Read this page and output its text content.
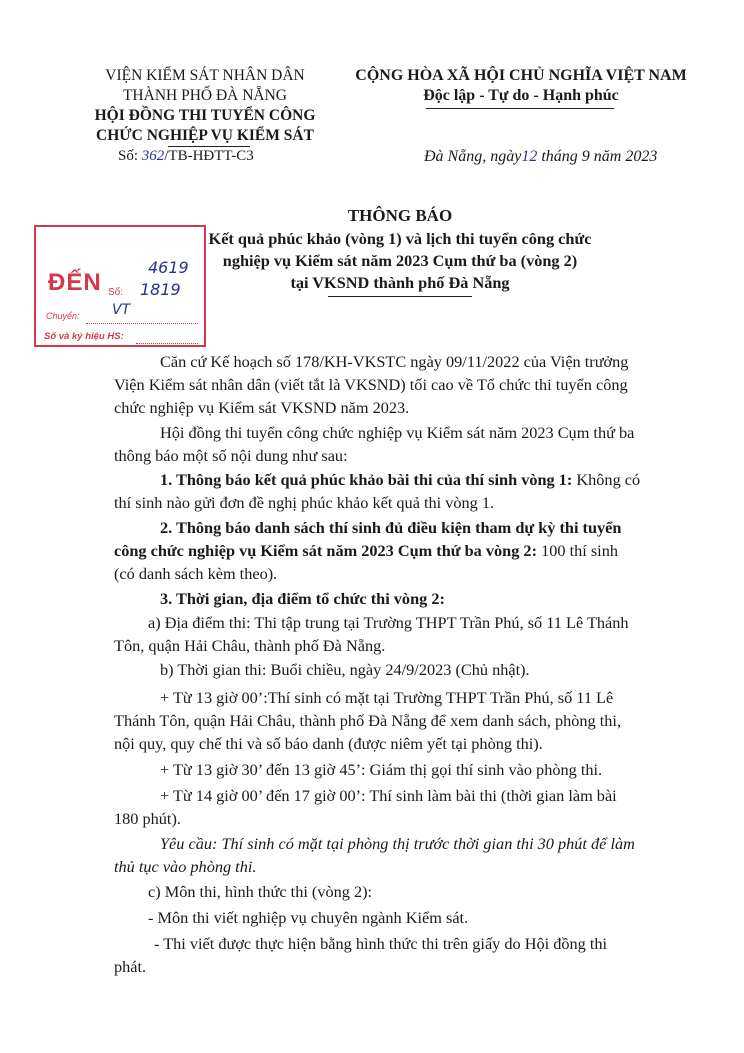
VIỆN KIỂM SÁT NHÂN DÂN
THÀNH PHỐ ĐÀ NẴNG
HỘI ĐỒNG THI TUYỂN CÔNG
CHỨC NGHIỆP VỤ KIỂM SÁT
Số: 362/TB-HĐTT-C3
CỘNG HÒA XÃ HỘI CHỦ NGHĨA VIỆT NAM
Độc lập - Tự do - Hạnh phúc
Đà Nẵng, ngày12 tháng 9 năm 2023
THÔNG BÁO
Kết quả phúc khảo (vòng 1) và lịch thi tuyển công chức
nghiệp vụ Kiểm sát năm 2023 Cụm thứ ba (vòng 2)
tại VKSND thành phố Đà Nẵng
ĐẾN Số:
Chuyển:
Số và ký hiệu HS:
4619
1819
VT
Căn cứ Kế hoạch số 178/KH-VKSTC ngày 09/11/2022 của Viện trưởng
Viện Kiểm sát nhân dân (viết tắt là VKSND) tối cao về Tổ chức thi tuyển công
chức nghiệp vụ Kiểm sát VKSND năm 2023.
Hội đồng thi tuyển công chức nghiệp vụ Kiểm sát năm 2023 Cụm thứ ba
thông báo một số nội dung như sau:
1. Thông báo kết quả phúc khảo bài thi của thí sinh vòng 1: Không có
thí sinh nào gửi đơn đề nghị phúc khảo kết quả thi vòng 1.
2. Thông báo danh sách thí sinh đủ điều kiện tham dự kỳ thi tuyển
công chức nghiệp vụ Kiểm sát năm 2023 Cụm thứ ba vòng 2: 100 thí sinh
(có danh sách kèm theo).
3. Thời gian, địa điểm tổ chức thi vòng 2:
a) Địa điểm thi: Thi tập trung tại Trường THPT Trần Phú, số 11 Lê Thánh
Tôn, quận Hải Châu, thành phố Đà Nẵng.
b) Thời gian thi: Buổi chiều, ngày 24/9/2023 (Chủ nhật).
+ Từ 13 giờ 00’:Thí sinh có mặt tại Trường THPT Trần Phú, số 11 Lê
Thánh Tôn, quận Hải Châu, thành phố Đà Nẵng để xem danh sách, phòng thi,
nội quy, quy chế thi và số báo danh (được niêm yết tại phòng thi).
+ Từ 13 giờ 30’ đến 13 giờ 45’: Giám thị gọi thí sinh vào phòng thi.
+ Từ 14 giờ 00’ đến 17 giờ 00’: Thí sinh làm bài thi (thời gian làm bài
180 phút).
Yêu cầu: Thí sinh có mặt tại phòng thị trước thời gian thi 30 phút để làm
thủ tục vào phòng thi.
c) Môn thi, hình thức thi (vòng 2):
- Môn thi viết nghiệp vụ chuyên ngành Kiểm sát.
- Thi viết được thực hiện bằng hình thức thi trên giấy do Hội đồng thi
phát.
